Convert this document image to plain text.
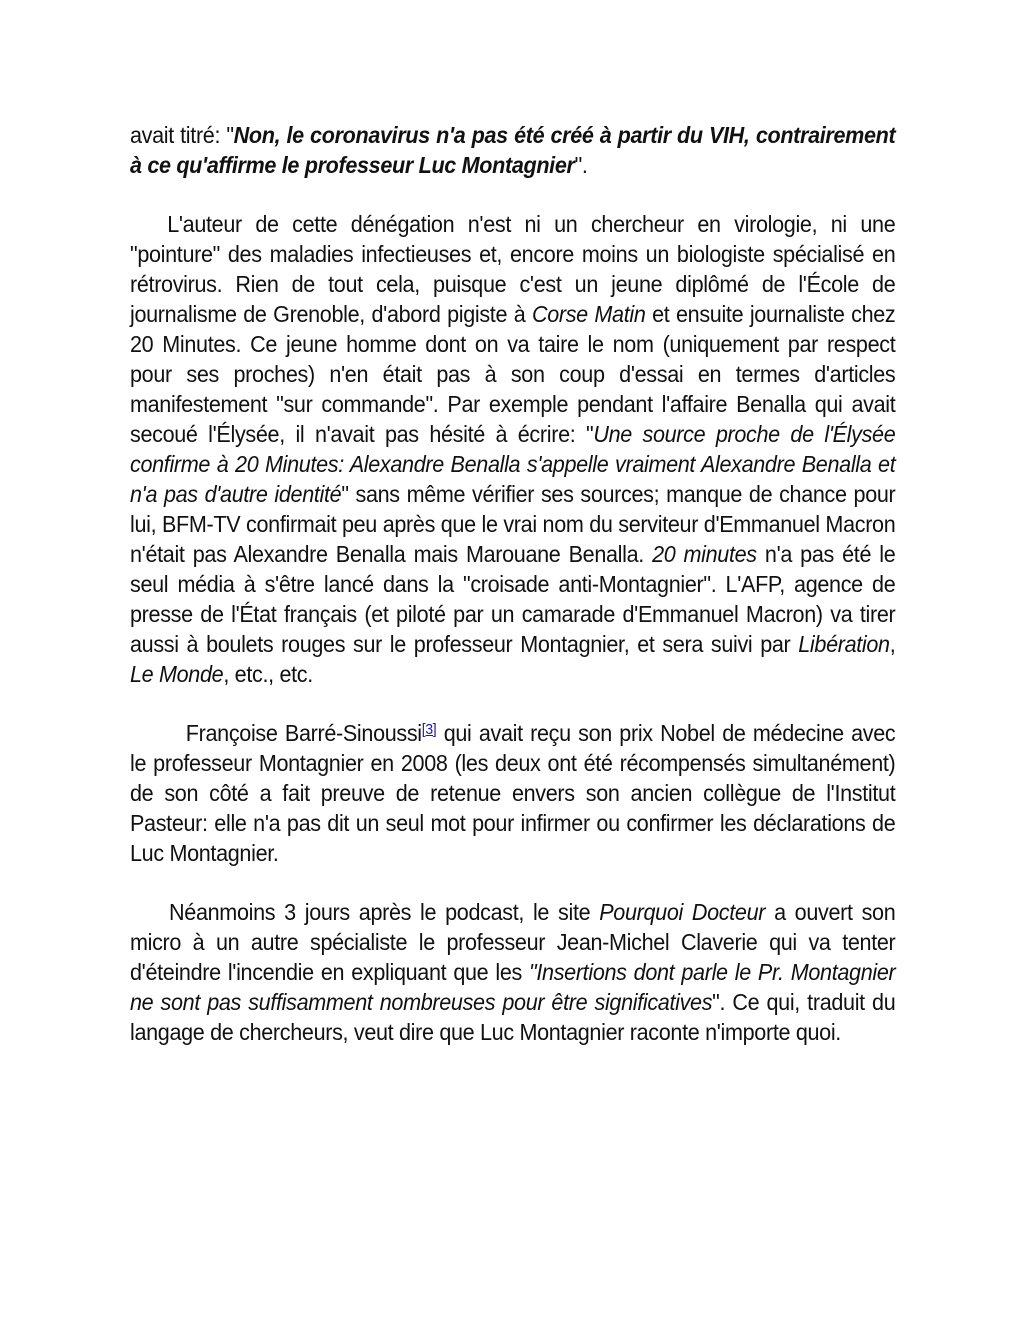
avait titré: "Non, le coronavirus n'a pas été créé à partir du VIH, contrairement à ce qu'affirme le professeur Luc Montagnier".

L'auteur de cette dénégation n'est ni un chercheur en virologie, ni une "pointure" des maladies infectieuses et, encore moins un biologiste spécialisé en rétrovirus. Rien de tout cela, puisque c'est un jeune diplômé de l'École de journalisme de Grenoble, d'abord pigiste à Corse Matin et ensuite journaliste chez 20 Minutes. Ce jeune homme dont on va taire le nom (uniquement par respect pour ses proches) n'en était pas à son coup d'essai en termes d'articles manifestement "sur commande". Par exemple pendant l'affaire Benalla qui avait secoué l'Élysée, il n'avait pas hésité à écrire: "Une source proche de l'Élysée confirme à 20 Minutes: Alexandre Benalla s'appelle vraiment Alexandre Benalla et n'a pas d'autre identité" sans même vérifier ses sources; manque de chance pour lui, BFM-TV confirmait peu après que le vrai nom du serviteur d'Emmanuel Macron n'était pas Alexandre Benalla mais Marouane Benalla. 20 minutes n'a pas été le seul média à s'être lancé dans la "croisade anti-Montagnier". L'AFP, agence de presse de l'État français (et piloté par un camarade d'Emmanuel Macron) va tirer aussi à boulets rouges sur le professeur Montagnier, et sera suivi par Libération, Le Monde, etc., etc.

Françoise Barré-Sinoussi[3] qui avait reçu son prix Nobel de médecine avec le professeur Montagnier en 2008 (les deux ont été récompensés simultanément) de son côté a fait preuve de retenue envers son ancien collègue de l'Institut Pasteur: elle n'a pas dit un seul mot pour infirmer ou confirmer les déclarations de Luc Montagnier.

Néanmoins 3 jours après le podcast, le site Pourquoi Docteur a ouvert son micro à un autre spécialiste le professeur Jean-Michel Claverie qui va tenter d'éteindre l'incendie en expliquant que les "Insertions dont parle le Pr. Montagnier ne sont pas suffisamment nombreuses pour être significatives". Ce qui, traduit du langage de chercheurs, veut dire que Luc Montagnier raconte n'importe quoi.
